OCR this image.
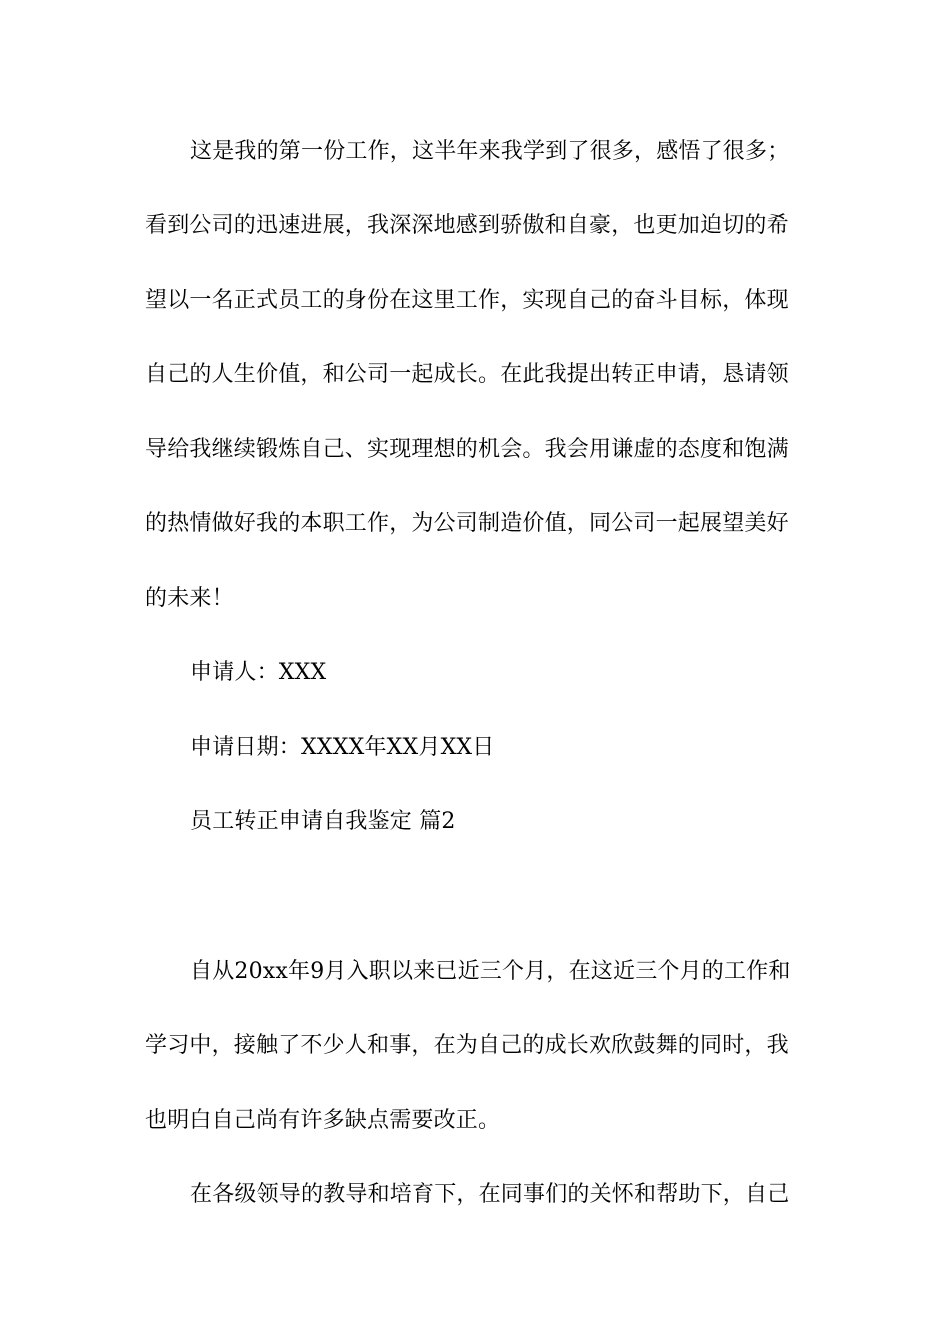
这是我的第一份工作，这半年来我学到了很多，感悟了很多；
看到公司的迅速进展，我深深地感到骄傲和自豪，也更加迫切的希
望以一名正式员工的身份在这里工作，实现自己的奋斗目标，体现
自己的人生价值，和公司一起成长。在此我提出转正申请，恳请领
导给我继续锻炼自己、实现理想的机会。我会用谦虚的态度和饱满
的热情做好我的本职工作，为公司制造价值，同公司一起展望美好
的未来！
申请人：XXX
申请日期：XXXX年XX月XX日
员工转正申请自我鉴定 篇2
自从20xx年9月入职以来已近三个月，在这近三个月的工作和
学习中，接触了不少人和事，在为自己的成长欢欣鼓舞的同时，我
也明白自己尚有许多缺点需要改正。
在各级领导的教导和培育下，在同事们的关怀和帮助下，自己
